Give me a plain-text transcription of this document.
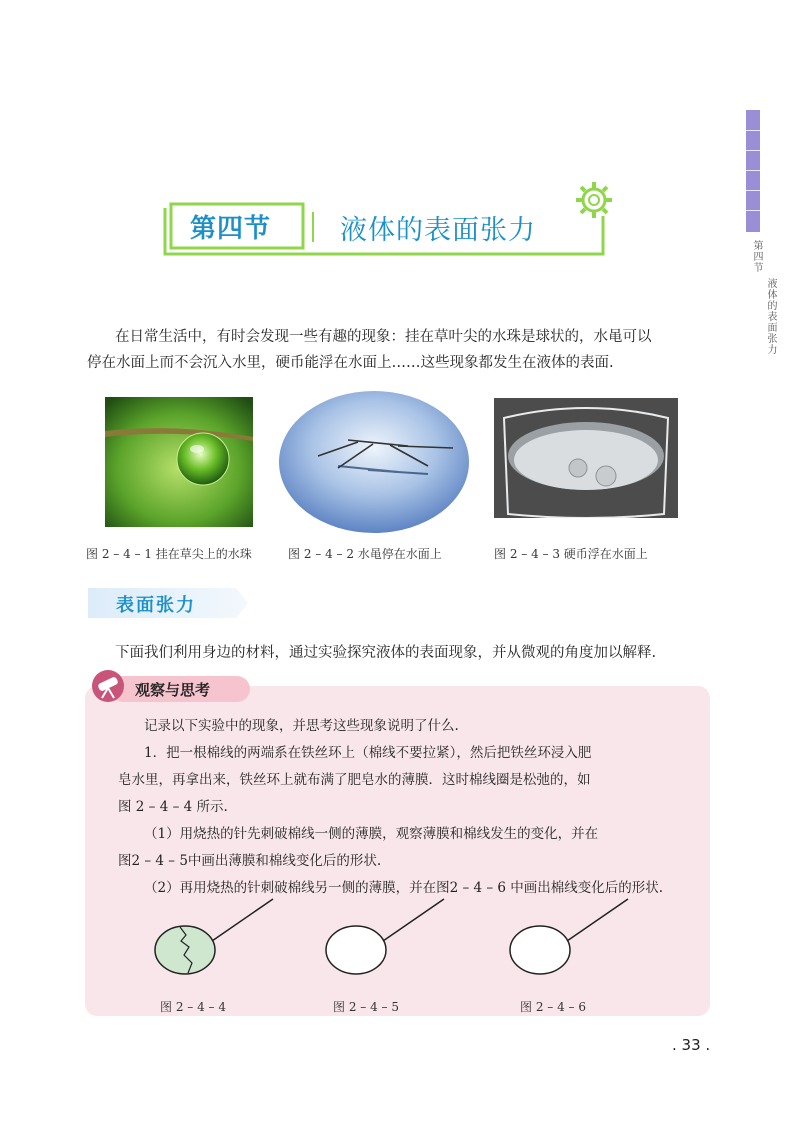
第四节
液体的表面张力
第四节	液体的表面张力

在日常生活中，有时会发现一些有趣的现象：挂在草叶尖的水珠是球状的，水黾可以

停在水面上而不会沉入水里，硬币能浮在水面上……这些现象都发生在液体的表面.

图 2 – 4 – 1 挂在草尖上的水珠	图 2 – 4 – 2 水黾停在水面上	图 2 – 4 – 3 硬币浮在水面上
表面张力

下面我们利用身边的材料，通过实验探究液体的表面现象，并从微观的角度加以解释.

观察与思考

记录以下实验中的现象，并思考这些现象说明了什么.

1．把一根棉线的两端系在铁丝环上（棉线不要拉紧），然后把铁丝环浸入肥

皂水里，再拿出来，铁丝环上就布满了肥皂水的薄膜．这时棉线圈是松弛的，如

图 2 – 4 – 4 所示.

（1）用烧热的针先刺破棉线一侧的薄膜，观察薄膜和棉线发生的变化，并在

图2 – 4 – 5中画出薄膜和棉线变化后的形状.

（2）再用烧热的针刺破棉线另一侧的薄膜，并在图2 – 4 – 6 中画出棉线变化后的形状.

图 2 – 4 – 4	图 2 – 4 – 5	图 2 – 4 – 6
. 33 .
